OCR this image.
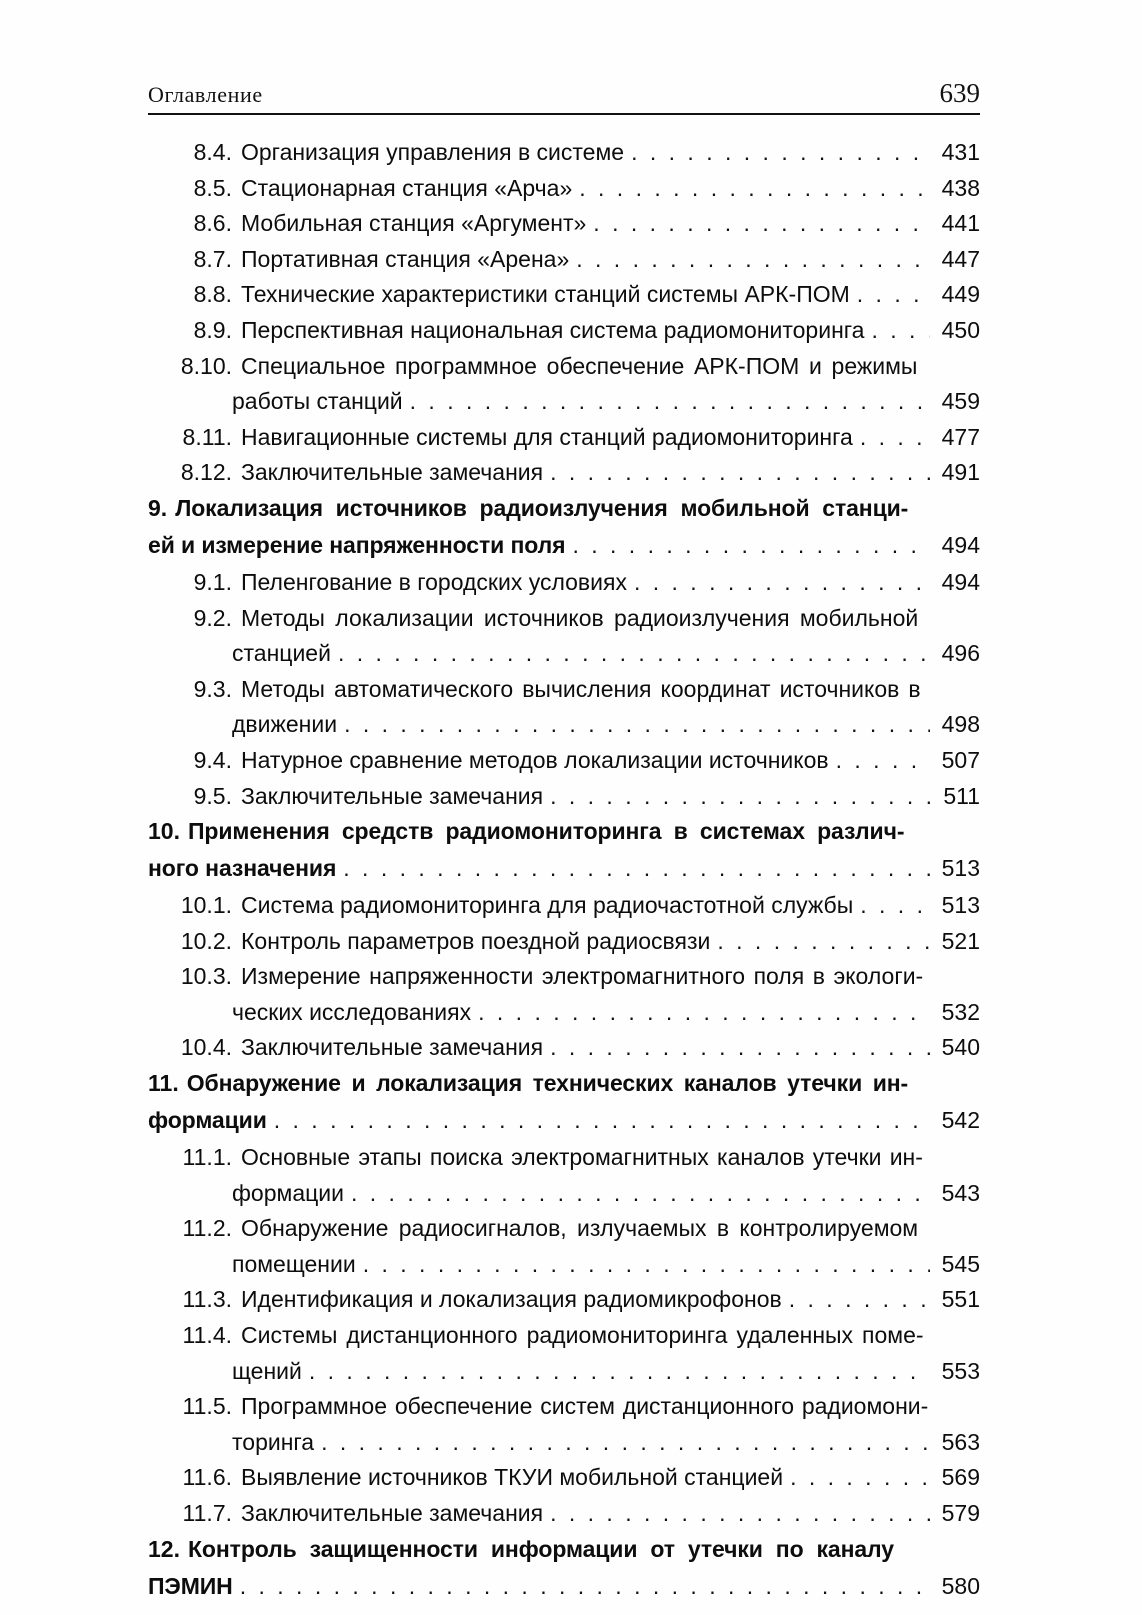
Оглавление	639
8.4. Организация управления в системе . . .	431
8.5. Стационарная станция «Арча» . . .	438
8.6. Мобильная станция «Аргумент» . . .	441
8.7. Портативная станция «Арена» . . .	447
8.8. Технические характеристики станций системы АРК-ПОМ . . .	449
8.9. Перспективная национальная система радиомониторинга . . .	450
8.10. Специальное программное обеспечение АРК-ПОМ и режимы
работы станций . . .	459
8.11. Навигационные системы для станций радиомониторинга . . .	477
8.12. Заключительные замечания . . .	491
9. Локализация источников радиоизлучения мобильной станци-
ей и измерение напряженности поля . . .	494
9.1. Пеленгование в городских условиях . . .	494
9.2. Методы локализации источников радиоизлучения мобильной
станцией . . .	496
9.3. Методы автоматического вычисления координат источников в
движении . . .	498
9.4. Натурное сравнение методов локализации источников . . .	507
9.5. Заключительные замечания . . .	511
10. Применения средств радиомониторинга в системах различ-
ного назначения . . .	513
10.1. Система радиомониторинга для радиочастотной службы . . .	513
10.2. Контроль параметров поездной радиосвязи . . .	521
10.3. Измерение напряженности электромагнитного поля в экологи-
ческих исследованиях . . .	532
10.4. Заключительные замечания . . .	540
11. Обнаружение и локализация технических каналов утечки ин-
формации . . .	542
11.1. Основные этапы поиска электромагнитных каналов утечки ин-
формации . . .	543
11.2. Обнаружение радиосигналов, излучаемых в контролируемом
помещении . . .	545
11.3. Идентификация и локализация радиомикрофонов . . .	551
11.4. Системы дистанционного радиомониторинга удаленных поме-
щений . . .	553
11.5. Программное обеспечение систем дистанционного радиомони-
торинга . . .	563
11.6. Выявление источников ТКУИ мобильной станцией . . .	569
11.7. Заключительные замечания . . .	579
12. Контроль защищенности информации от утечки по каналу
ПЭМИН . . .	580
